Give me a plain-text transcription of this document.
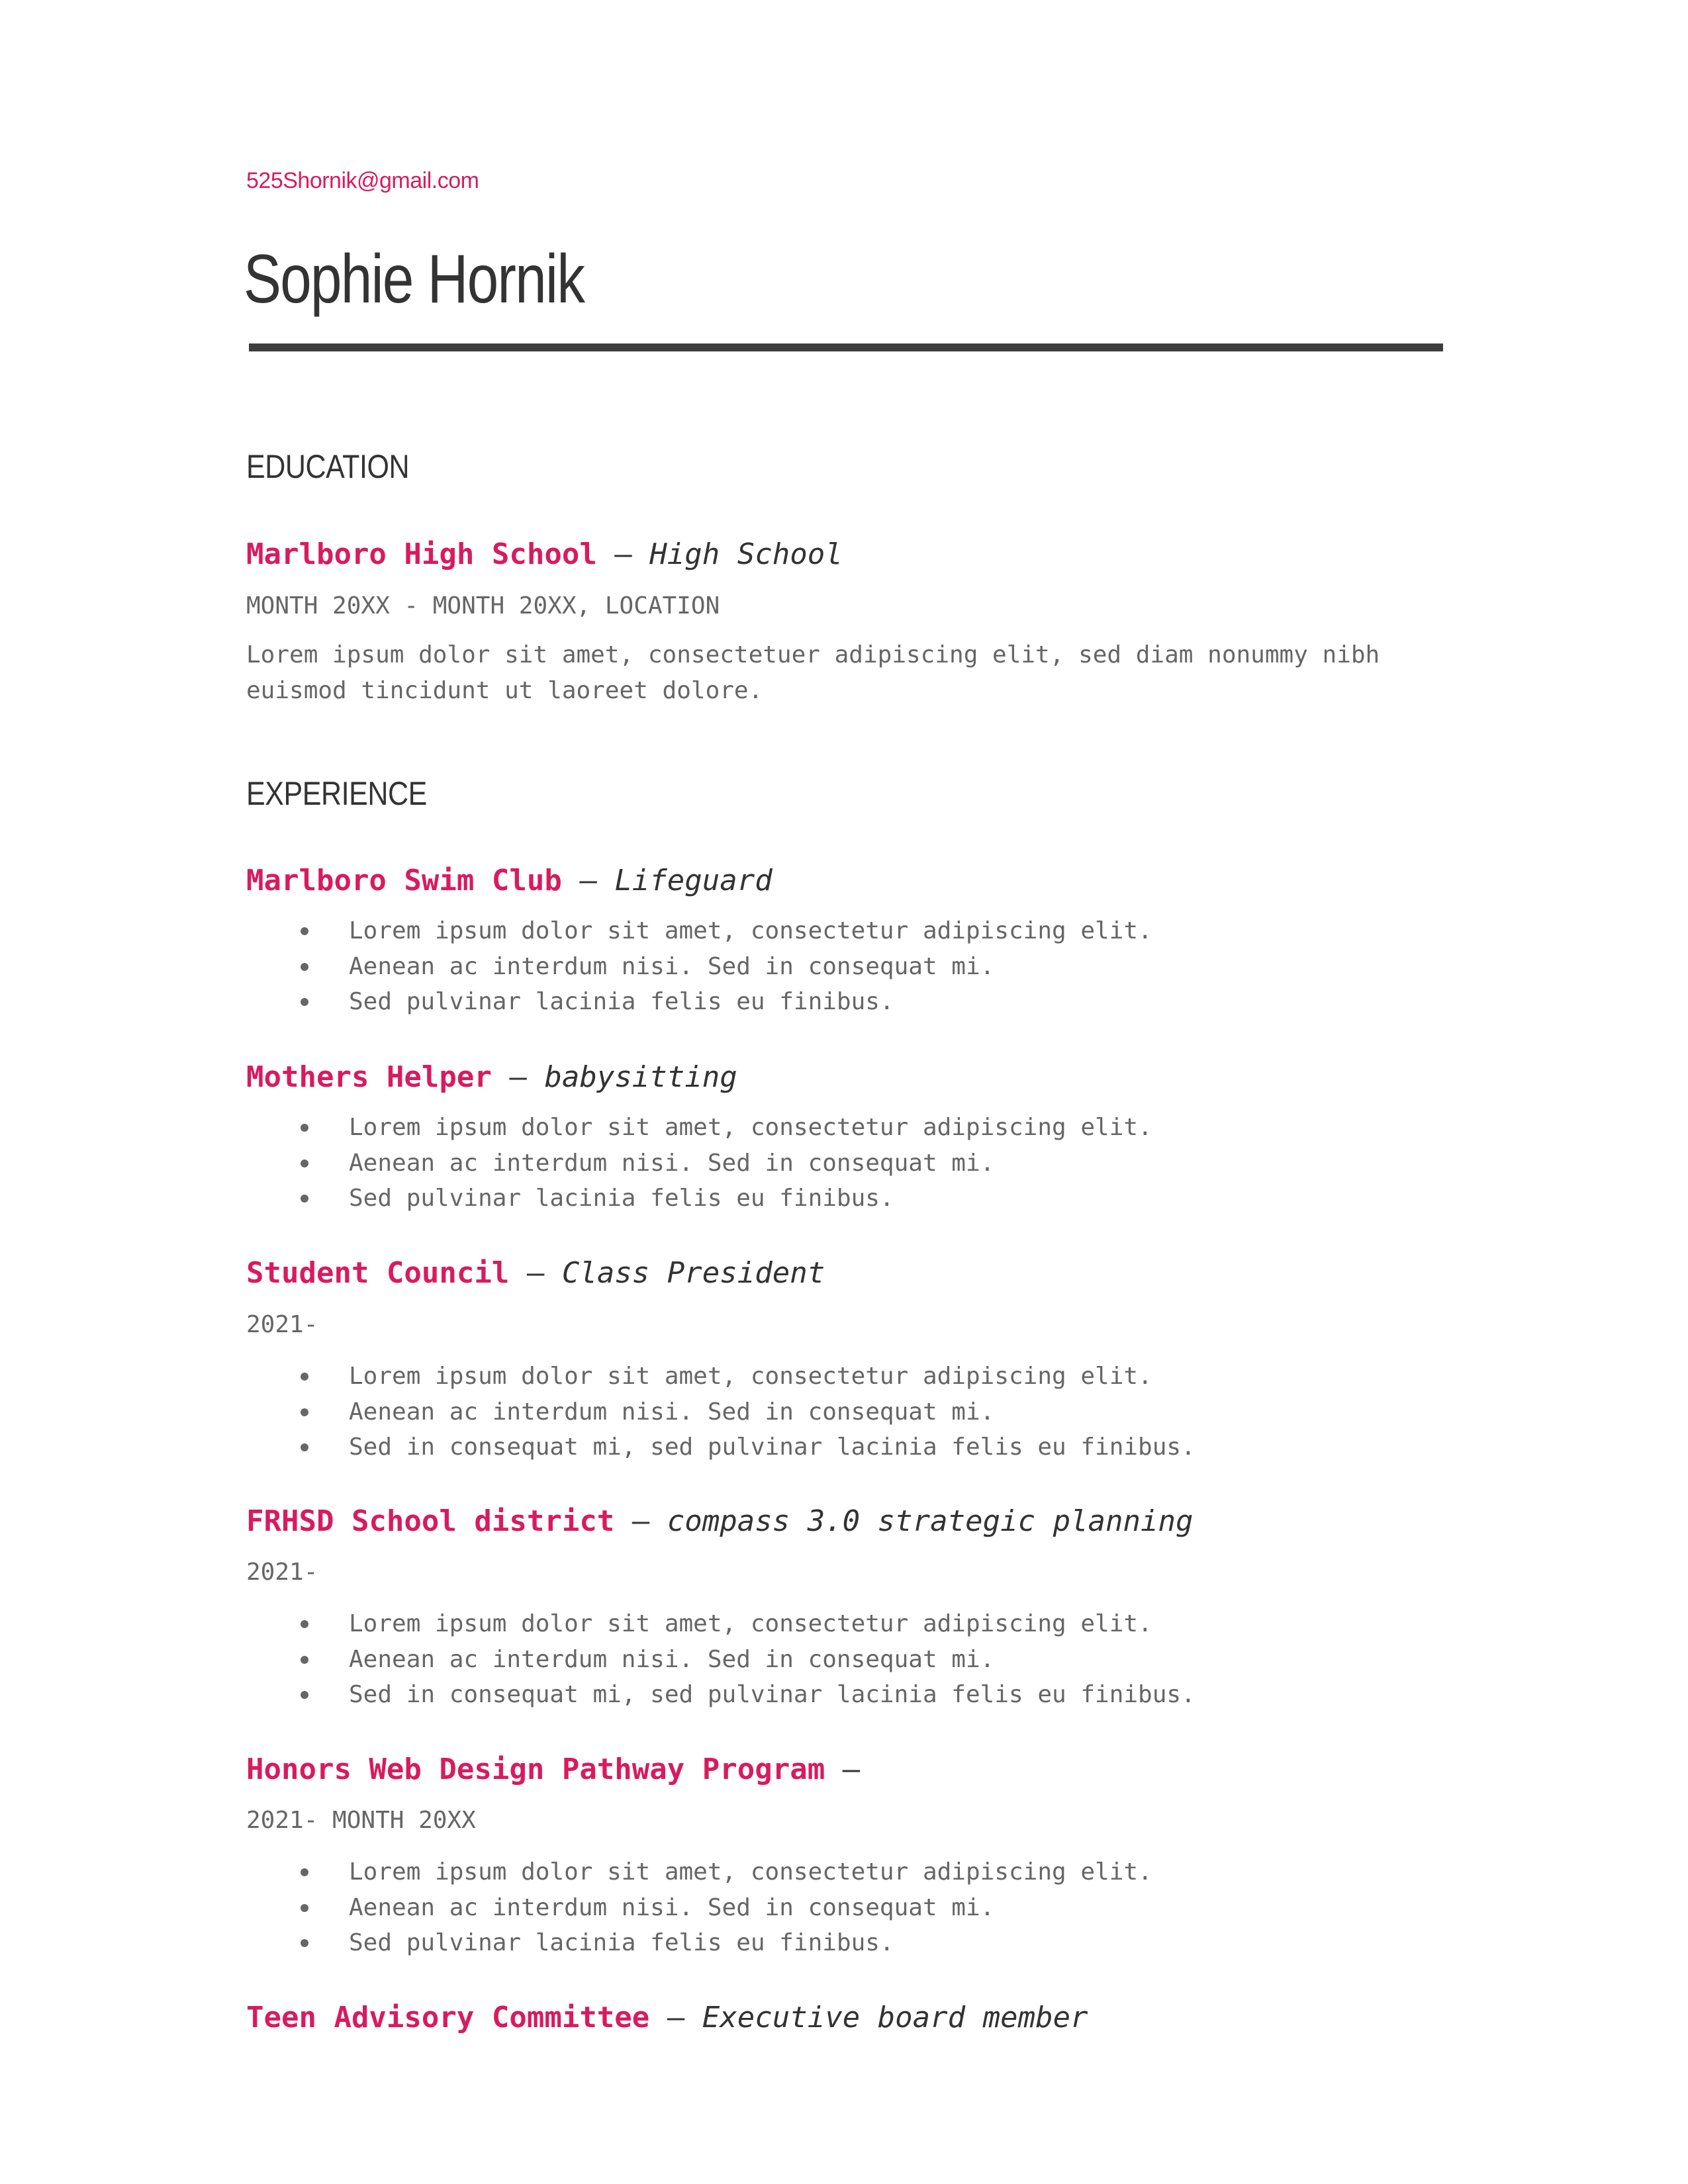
525Shornik@gmail.com
Sophie Hornik
EDUCATION
Marlboro High School — High School
MONTH 20XX - MONTH 20XX, LOCATION
Lorem ipsum dolor sit amet, consectetuer adipiscing elit, sed diam nonummy nibh euismod tincidunt ut laoreet dolore.
EXPERIENCE
Marlboro Swim Club — Lifeguard
Lorem ipsum dolor sit amet, consectetur adipiscing elit.
Aenean ac interdum nisi. Sed in consequat mi.
Sed pulvinar lacinia felis eu finibus.
Mothers Helper — babysitting
Lorem ipsum dolor sit amet, consectetur adipiscing elit.
Aenean ac interdum nisi. Sed in consequat mi.
Sed pulvinar lacinia felis eu finibus.
Student Council — Class President
2021-
Lorem ipsum dolor sit amet, consectetur adipiscing elit.
Aenean ac interdum nisi. Sed in consequat mi.
Sed in consequat mi, sed pulvinar lacinia felis eu finibus.
FRHSD School district — compass 3.0 strategic planning
2021-
Lorem ipsum dolor sit amet, consectetur adipiscing elit.
Aenean ac interdum nisi. Sed in consequat mi.
Sed in consequat mi, sed pulvinar lacinia felis eu finibus.
Honors Web Design Pathway Program —
2021- MONTH 20XX
Lorem ipsum dolor sit amet, consectetur adipiscing elit.
Aenean ac interdum nisi. Sed in consequat mi.
Sed pulvinar lacinia felis eu finibus.
Teen Advisory Committee — Executive board member
